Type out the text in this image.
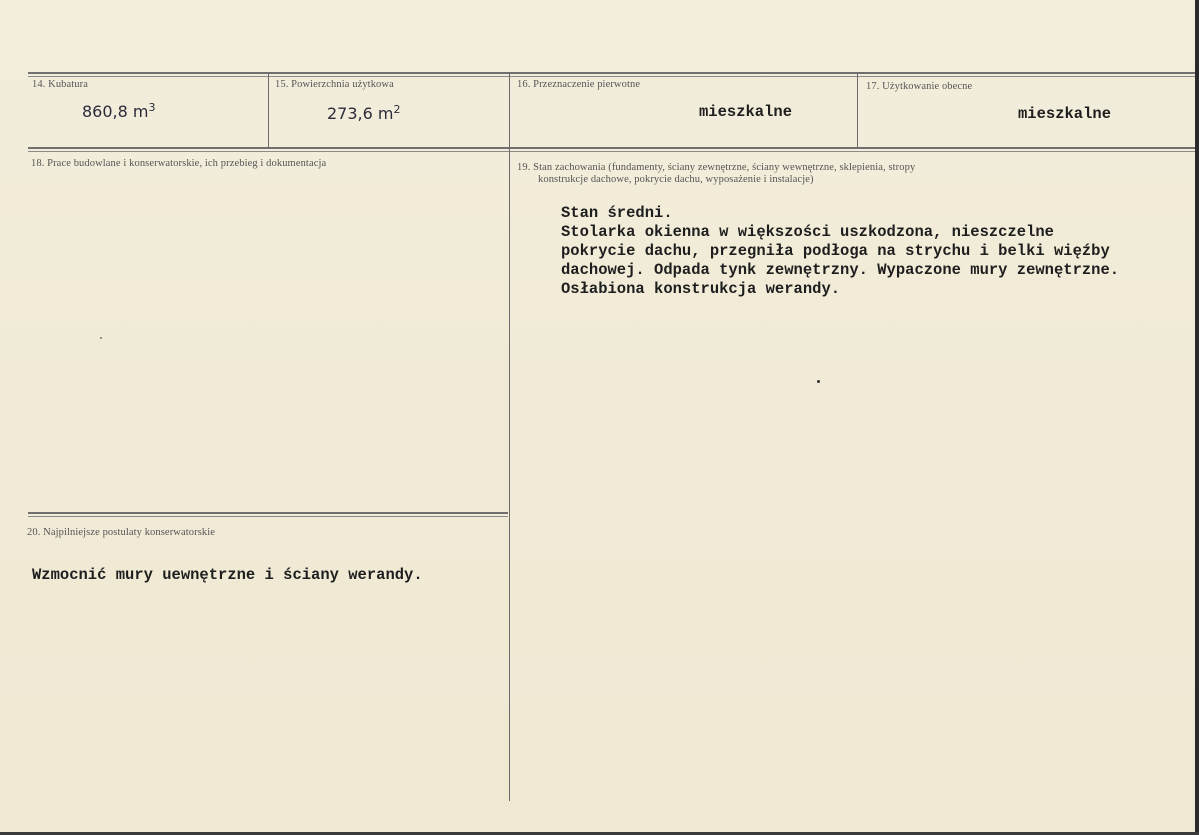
14. Kubatura
860,8 $m^3$
15. Powierzchnia użytkowa
273,6 $m^2$
16. Przeznaczenie pierwotne
mieszkalne
17. Użytkowanie obecne
mieszkalne
18. Prace budowlane i konserwatorskie, ich przebieg i dokumentacja	19. Stan zachowania (fundamenty, ściany zewnętrzne, ściany wewnętrzne, sklepienia, stropy
konstrukcje dachowe, pokrycie dachu, wyposażenie i instalacje)
Stan średni.
Stolarka okienna w większości uszkodzona, nieszczelne
pokrycie dachu, przegniła podłoga na strychu i belki więźby
dachowej. Odpada tynk zewnętrzny. Wypaczone mury zewnętrzne.
Osłabiona konstrukcja werandy.
20. Najpilniejsze postulaty konserwatorskie
Wzmocnić mury uewnętrzne i ściany werandy.
